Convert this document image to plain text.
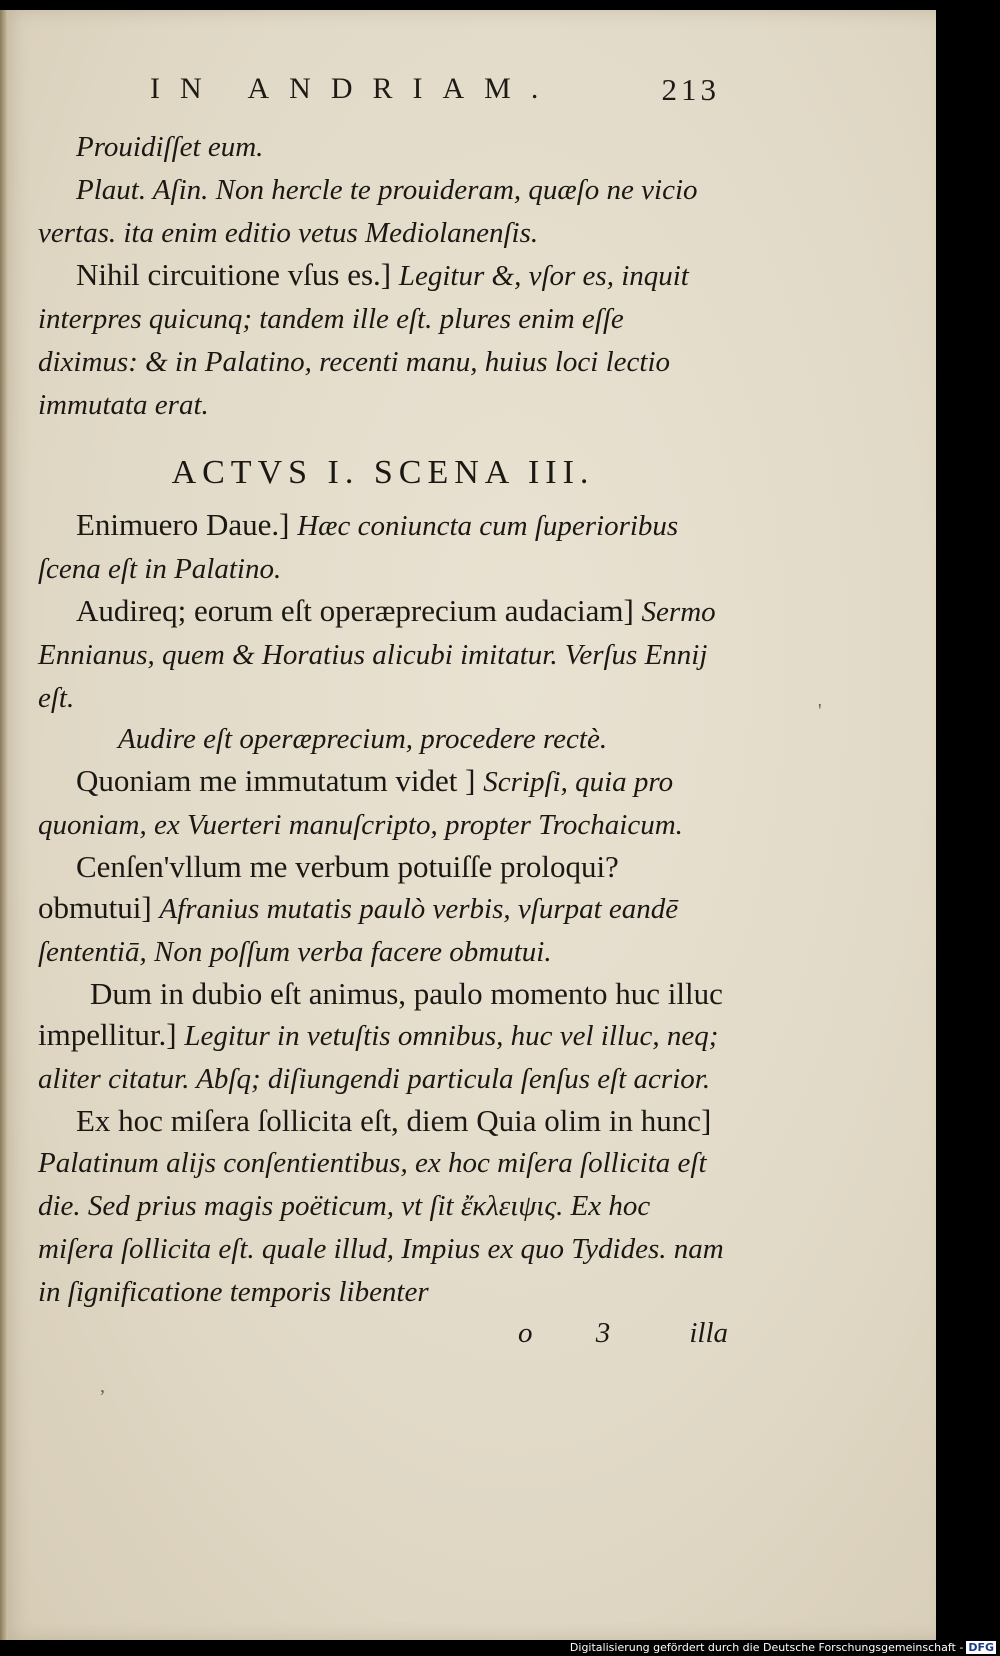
IN ANDRIAM.	213

Prouidiſſet eum.

Plaut. Aſin. Non hercle te prouideram, quæſo ne vicio vertas. ita enim editio vetus Mediolanenſis.

Nihil circuitione vſus es.] Legitur &, vſor es, inquit interpres quicunq; tandem ille eſt. plures enim eſſe diximus: & in Palatino, recenti manu, huius loci lectio immutata erat.

ACTVS I. SCENA III.

Enimuero Daue.] Hæc coniuncta cum ſuperioribus ſcena eſt in Palatino.

Audireq; eorum eſt operæprecium audaciam] Sermo Ennianus, quem & Horatius alicubi imitatur. Verſus Ennij eſt.

Audire eſt operæprecium, procedere rectè.

Quoniam me immutatum videt ] Scripſi, quia pro quoniam, ex Vuerteri manuſcripto, propter Trochaicum.

Cenſen'vllum me verbum potuiſſe proloqui? obmutui] Afranius mutatis paulò verbis, vſurpat eandē ſententiā, Non poſſum verba facere obmutui.

Dum in dubio eſt animus, paulo momento huc illuc impellitur.] Legitur in vetuſtis omnibus, huc vel illuc, neq; aliter citatur. Abſq; diſiungendi particula ſenſus eſt acrior.

Ex hoc miſera ſollicita eſt, diem Quia olim in hunc] Palatinum alijs conſentientibus, ex hoc miſera ſollicita eſt die. Sed prius magis poëticum, vt ſit ἔκλειψις. Ex hoc miſera ſollicita eſt. quale illud, Impius ex quo Tydides. nam in ſignificatione temporis libenter

o 3 illa

,
'
Digitalisierung gefördert durch die Deutsche Forschungsgemeinschaft - DFG
